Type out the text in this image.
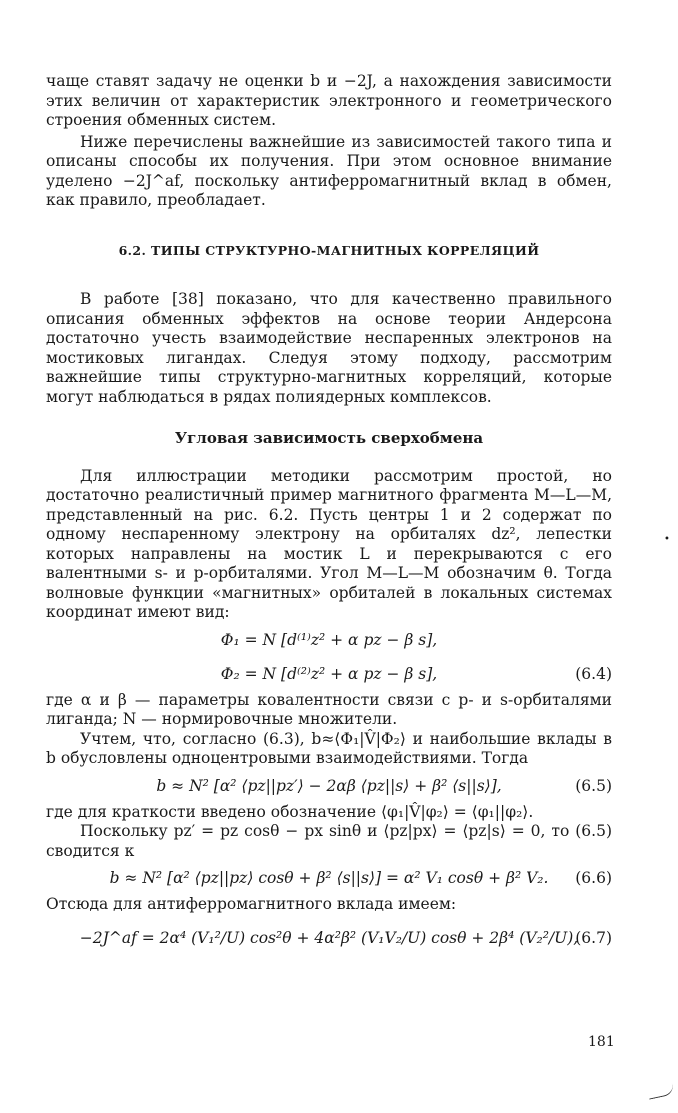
чаще ставят задачу не оценки b и −2J, а нахождения зависимости этих величин от характеристик электронного и геометрического строения обменных систем.

Ниже перечислены важнейшие из зависимостей такого типа и описаны способы их получения. При этом основное внимание уделено −2J^af, поскольку антиферромагнитный вклад в обмен, как правило, преобладает.

6.2. ТИПЫ СТРУКТУРНО-МАГНИТНЫХ КОРРЕЛЯЦИЙ

В работе [38] показано, что для качественно правильного описания обменных эффектов на основе теории Андерсона достаточно учесть взаимодействие неспаренных электронов на мостиковых лигандах. Следуя этому подходу, рассмотрим важнейшие типы структурно-магнитных корреляций, которые могут наблюдаться в рядах полиядерных комплексов.

Угловая зависимость сверхобмена

Для иллюстрации методики рассмотрим простой, но достаточно реалистичный пример магнитного фрагмента M—L—M, представленный на рис. 6.2. Пусть центры 1 и 2 содержат по одному неспаренному электрону на орбиталях dz², лепестки которых направлены на мостик L и перекрываются с его валентными s- и p-орбиталями. Угол M—L—M обозначим θ. Тогда волновые функции «магнитных» орбиталей в локальных системах координат имеют вид:

Φ₁ = N [d⁽¹⁾z² + α pz − β s],
Φ₂ = N [d⁽²⁾z² + α pz − β s],	(6.4)

где α и β — параметры ковалентности связи с p- и s-орбиталями лиганда; N — нормировочные множители.

Учтем, что, согласно (6.3), b≈⟨Φ₁|V̂|Φ₂⟩ и наибольшие вклады в b обусловлены одноцентровыми взаимодействиями. Тогда

b ≈ N² [α² ⟨pz||pz′⟩ − 2αβ ⟨pz||s⟩ + β² ⟨s||s⟩],	(6.5)

где для краткости введено обозначение ⟨φ₁|V̂|φ₂⟩ = ⟨φ₁||φ₂⟩.

Поскольку pz′ = pz cosθ − px sinθ и ⟨pz|px⟩ = ⟨pz|s⟩ = 0, то (6.5) сводится к

b ≈ N² [α² ⟨pz||pz⟩ cosθ + β² ⟨s||s⟩] = α² V₁ cosθ + β² V₂. (6.6)

Отсюда для антиферромагнитного вклада имеем:

−2J^af = 2α⁴ (V₁²/U) cos²θ + 4α²β² (V₁V₂/U) cosθ + 2β⁴ (V₂²/U),
(6.7)
181
•
